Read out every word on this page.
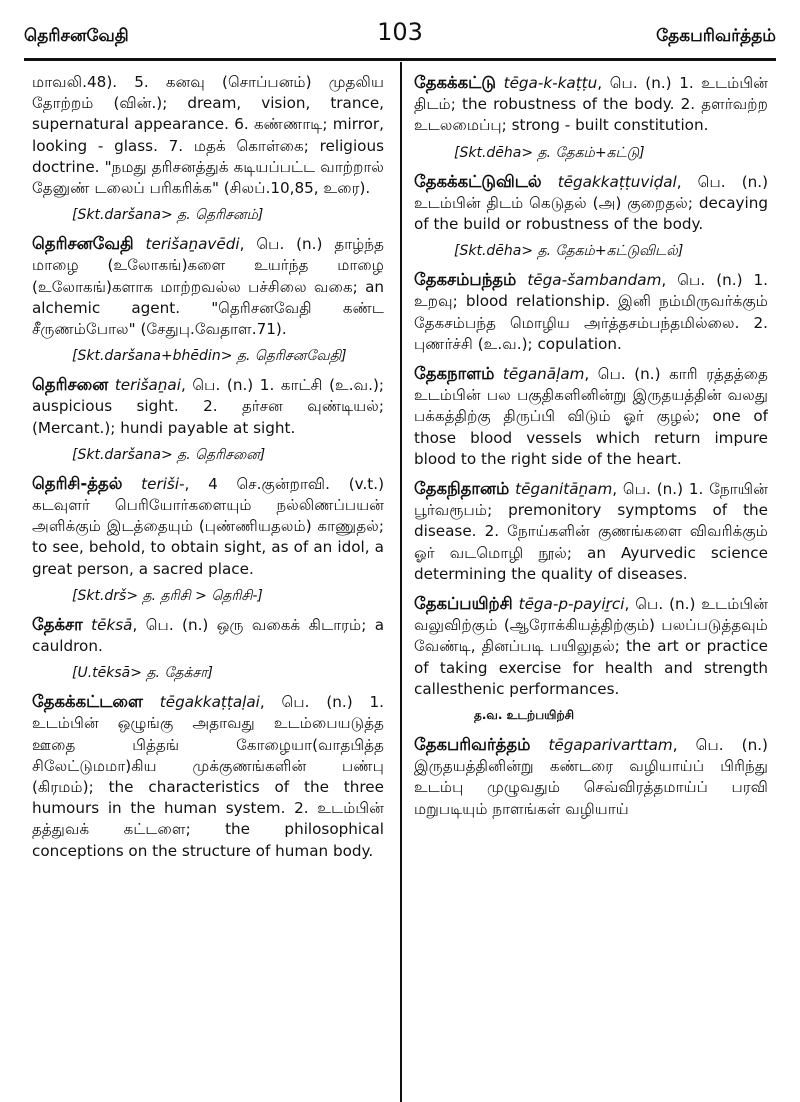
தெரிசனவேதி	103	தேகபரிவர்த்தம்
மாவலி.48). 5. கனவு (சொப்பனம்) முதலிய தோற்றம் (வின்.); dream, vision, trance, supernatural appearance. 6. கண்ணாடி; mirror, looking - glass. 7. மதக் கொள்கை; religious doctrine. "நமது தரிசனத்துக் கடியப்பட்ட வாற்றால் தேனுண் டலைப் பரிகரிக்க" (சிலப்.10,85, உரை).
[Skt.daršana> த. தெரிசனம்]
தெரிசனவேதி terišaṉavēdi, பெ. (n.) தாழ்ந்த மாழை (உலோகங்)களை உயர்ந்த மாழை (உலோகங்)களாக மாற்றவல்ல பச்சிலை வகை; an alchemic agent. "தெரிசனவேதி கண்ட சீருணம்போல" (சேதுபு.வேதாள.71).
[Skt.daršana+bhēdin> த. தெரிசனவேதி]
தெரிசனை terišaṉai, பெ. (n.) 1. காட்சி (உ.வ.); auspicious sight. 2. தர்சன வுண்டியல்; (Mercant.); hundi payable at sight.
[Skt.daršana> த. தெரிசனை]
தெரிசி-த்தல் teriši-, 4 செ.குன்றாவி. (v.t.) கடவுளர் பெரியோர்களையும் நல்லிணப்பயன் அளிக்கும் இடத்தையும் (புண்ணியதலம்) காணுதல்; to see, behold, to obtain sight, as of an idol, a great person, a sacred place.
[Skt.drš> த. தரிசி > தெரிசி-]
தேக்சா tēksā, பெ. (n.) ஒரு வகைக் கிடாரம்; a cauldron.
[U.tēksā> த. தேக்சா]
தேகக்கட்டளை tēgakkaṭṭaḷai, பெ. (n.) 1. உடம்பின் ஒழுங்கு அதாவது உடம்பையடுத்த ஊதை பித்தங் கோழையா(வாதபித்த சிலேட்டுமமா)கிய முக்குணங்களின் பண்பு (கிரமம்); the characteristics of the three humours in the human system. 2. உடம்பின் தத்துவக் கட்டளை; the philosophical conceptions on the structure of human body.
தேகக்கட்டு tēga-k-kaṭṭu, பெ. (n.) 1. உடம்பின் திடம்; the robustness of the body. 2. தளர்வற்ற உடலமைப்பு; strong - built constitution.
[Skt.dēha> த. தேகம்+கட்டு]
தேகக்கட்டுவிடல் tēgakkaṭṭuviḍal, பெ. (n.) உடம்பின் திடம் கெடுதல் (அ) குறைதல்; decaying of the build or robustness of the body.
[Skt.dēha> த. தேகம்+கட்டுவிடல்]
தேகசம்பந்தம் tēga-šambandam, பெ. (n.) 1. உறவு; blood relationship. இனி நம்மிருவர்க்கும் தேகசம்பந்த மொழிய அர்த்தசம்பந்தமில்லை. 2. புணர்ச்சி (உ.வ.); copulation.
தேகநாளம் tēganāḷam, பெ. (n.) காரி ரத்தத்தை உடம்பின் பல பகுதிகளினின்று இருதயத்தின் வலது பக்கத்திற்கு திருப்பி விடும் ஓர் குழல்; one of those blood vessels which return impure blood to the right side of the heart.
தேகநிதானம் tēganitāṉam, பெ. (n.) 1. நோயின் பூர்வரூபம்; premonitory symptoms of the disease. 2. நோய்களின் குணங்களை விவரிக்கும் ஓர் வடமொழி நூல்; an Ayurvedic science determining the quality of diseases.
தேகப்பயிற்சி tēga-p-payiṟci, பெ. (n.) உடம்பின் வலுவிற்கும் (ஆரோக்கியத்திற்கும்) பலப்படுத்தவும் வேண்டி, தினப்படி பயிலுதல்; the art or practice of taking exercise for health and strength callesthenic performances.
த.வ. உடற்பயிற்சி
தேகபரிவர்த்தம் tēgaparivarttam, பெ. (n.) இருதயத்தினின்று கண்டரை வழியாய்ப் பிரிந்து உடம்பு முழுவதும் செவ்விரத்தமாய்ப் பரவி மறுபடியும் நாளங்கள் வழியாய்
